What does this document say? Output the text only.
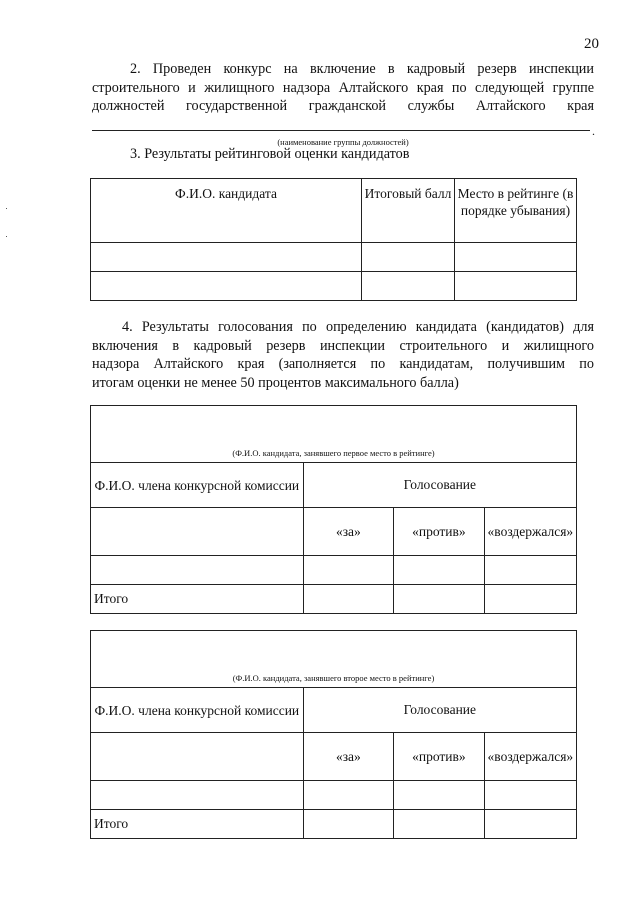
20
2. Проведен конкурс на включение в кадровый резерв инспекции
строительного и жилищного надзора Алтайского края по следующей группе
должностей государственной гражданской службы Алтайского края
.
(наименование группы должностей)
3. Результаты рейтинговой оценки кандидатов
Ф.И.О. кандидата	Итоговый балл	Место в рейтинге (в порядке убывания)

4. Результаты голосования по определению кандидата (кандидатов) для
включения в кадровый резерв инспекции строительного и жилищного
надзора Алтайского края (заполняется по кандидатам, получившим по
итогам оценки не менее 50 процентов максимального балла)
(Ф.И.О. кандидата, занявшего первое место в рейтинге)			
Ф.И.О. члена конкурсной комиссии	Голосование		
	«за»	«против»	«воздержался»

Итого			
(Ф.И.О. кандидата, занявшего второе место в рейтинге)			
Ф.И.О. члена конкурсной комиссии	Голосование		
	«за»	«против»	«воздержался»

Итого			
